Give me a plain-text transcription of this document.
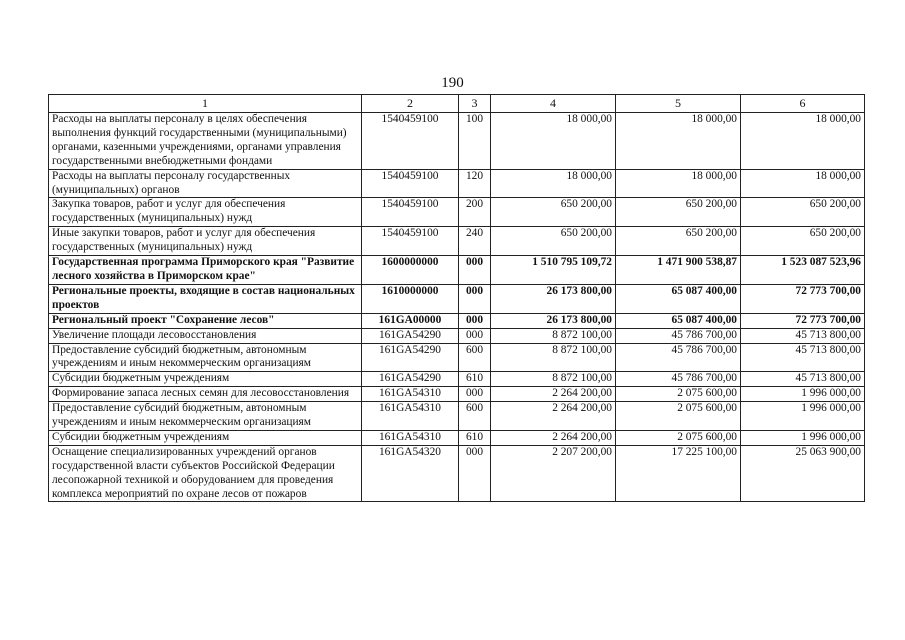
190
1	2	3	4	5	6
Расходы на выплаты персоналу в целях обеспечения выполнения функций государственными (муниципальными) органами, казенными учреждениями, органами управления государственными внебюджетными фондами	1540459100	100	18 000,00	18 000,00	18 000,00
Расходы на выплаты персоналу государственных (муниципальных) органов	1540459100	120	18 000,00	18 000,00	18 000,00
Закупка товаров, работ и услуг для обеспечения государственных (муниципальных) нужд	1540459100	200	650 200,00	650 200,00	650 200,00
Иные закупки товаров, работ и услуг для обеспечения государственных (муниципальных) нужд	1540459100	240	650 200,00	650 200,00	650 200,00
Государственная программа Приморского края "Развитие лесного хозяйства в Приморском крае"	1600000000	000	1 510 795 109,72	1 471 900 538,87	1 523 087 523,96
Региональные проекты, входящие в состав национальных проектов	1610000000	000	26 173 800,00	65 087 400,00	72 773 700,00
Региональный проект "Сохранение лесов"	161GA00000	000	26 173 800,00	65 087 400,00	72 773 700,00
Увеличение площади лесовосстановления	161GA54290	000	8 872 100,00	45 786 700,00	45 713 800,00
Предоставление субсидий бюджетным, автономным учреждениям и иным некоммерческим организациям	161GA54290	600	8 872 100,00	45 786 700,00	45 713 800,00
Субсидии бюджетным учреждениям	161GA54290	610	8 872 100,00	45 786 700,00	45 713 800,00
Формирование запаса лесных семян для лесовосстановления	161GA54310	000	2 264 200,00	2 075 600,00	1 996 000,00
Предоставление субсидий бюджетным, автономным учреждениям и иным некоммерческим организациям	161GA54310	600	2 264 200,00	2 075 600,00	1 996 000,00
Субсидии бюджетным учреждениям	161GA54310	610	2 264 200,00	2 075 600,00	1 996 000,00
Оснащение специализированных учреждений органов государственной власти субъектов Российской Федерации лесопожарной техникой и оборудованием для проведения комплекса мероприятий по охране лесов от пожаров	161GA54320	000	2 207 200,00	17 225 100,00	25 063 900,00
